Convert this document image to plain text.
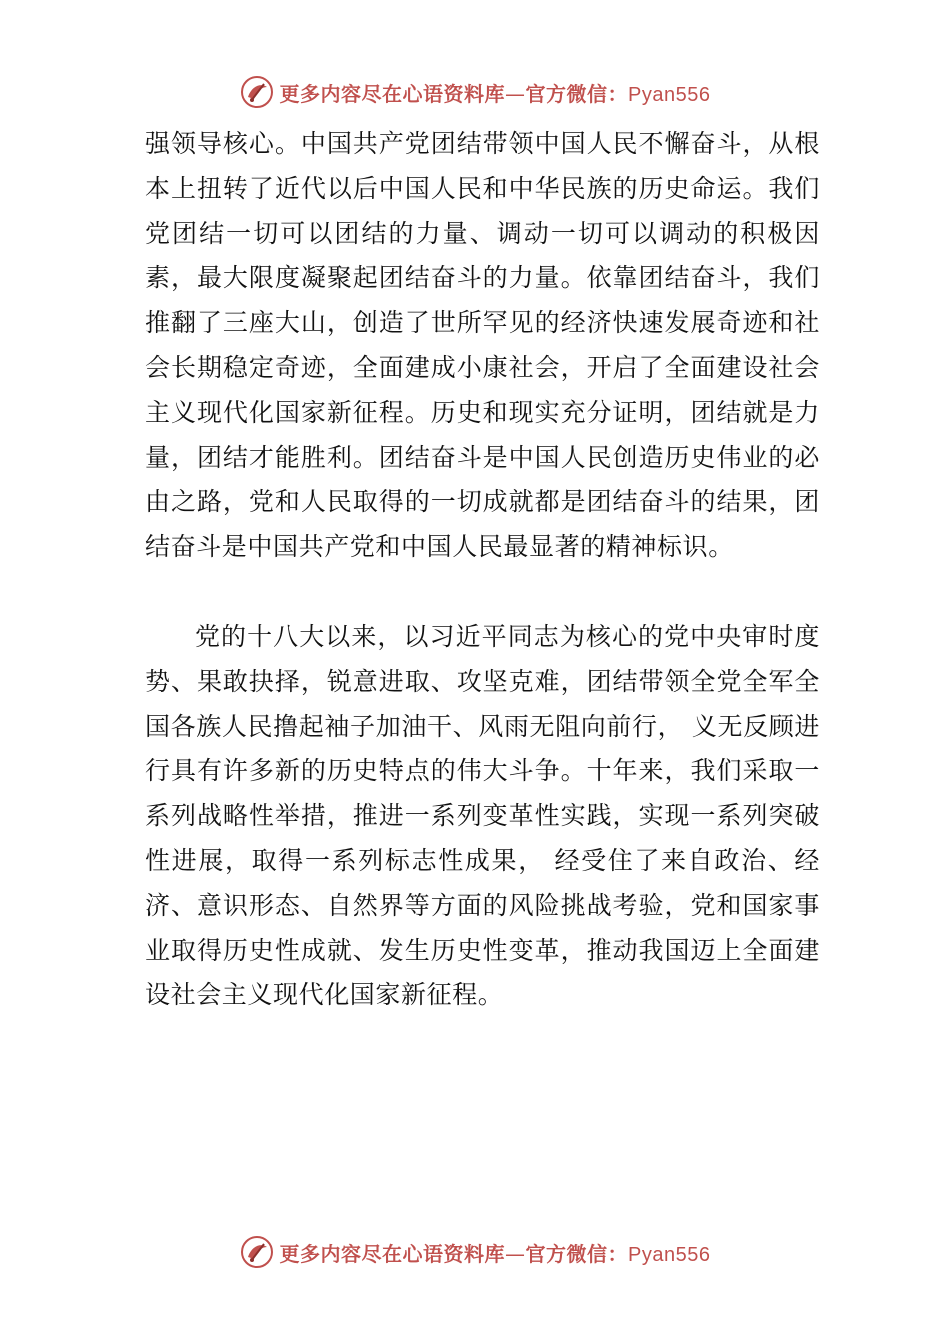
更多内容尽在心语资料库—官方微信：Pyan556

强领导核心。中国共产党团结带领中国人民不懈奋斗，从根本上扭转了近代以后中国人民和中华民族的历史命运。我们党团结一切可以团结的力量、调动一切可以调动的积极因素，最大限度凝聚起团结奋斗的力量。依靠团结奋斗，我们推翻了三座大山，创造了世所罕见的经济快速发展奇迹和社会长期稳定奇迹，全面建成小康社会，开启了全面建设社会主义现代化国家新征程。历史和现实充分证明，团结就是力量，团结才能胜利。团结奋斗是中国人民创造历史伟业的必由之路，党和人民取得的一切成就都是团结奋斗的结果，团结奋斗是中国共产党和中国人民最显著的精神标识。

党的十八大以来，以习近平同志为核心的党中央审时度势、果敢抉择，锐意进取、攻坚克难，团结带领全党全军全国各族人民撸起袖子加油干、风雨无阻向前行， 义无反顾进行具有许多新的历史特点的伟大斗争。十年来，我们采取一系列战略性举措，推进一系列变革性实践，实现一系列突破性进展，取得一系列标志性成果， 经受住了来自政治、经济、意识形态、自然界等方面的风险挑战考验，党和国家事业取得历史性成就、发生历史性变革，推动我国迈上全面建设社会主义现代化国家新征程。

更多内容尽在心语资料库—官方微信：Pyan556
